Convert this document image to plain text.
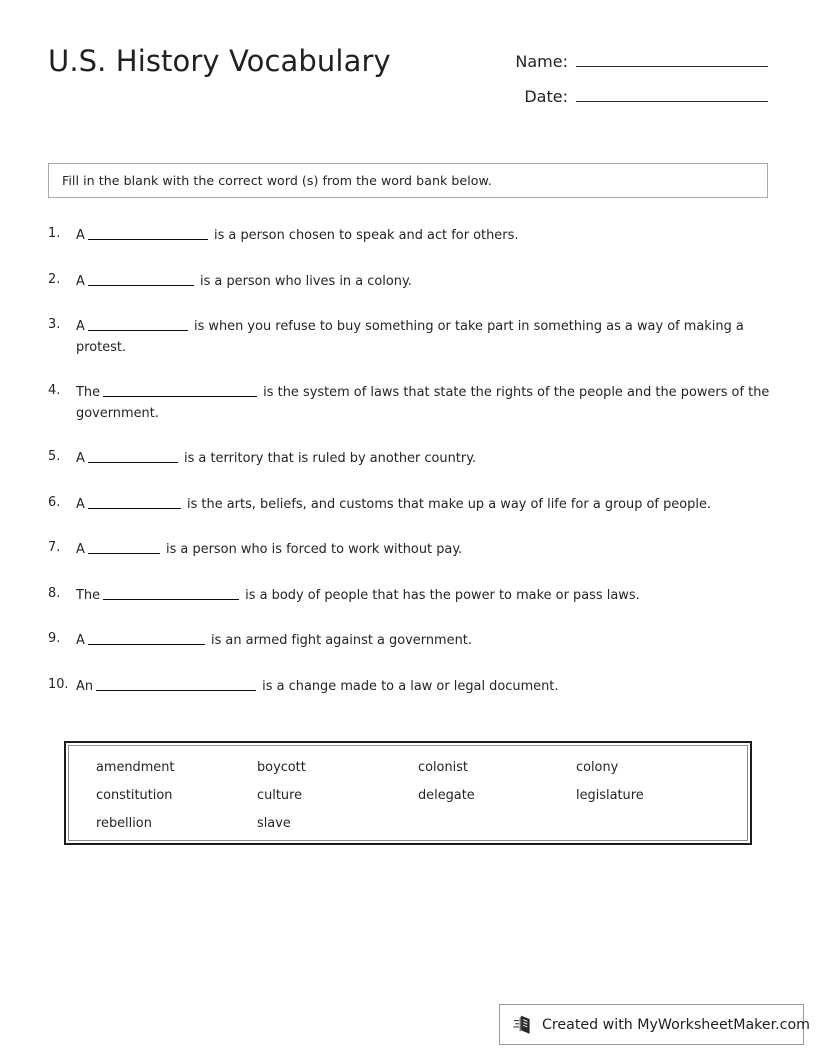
U.S. History Vocabulary	Name:
Date:
Fill in the blank with the correct word (s) from the word bank below.
1.	A	is a person chosen to speak and act for others.
2.	A	is a person who lives in a colony.
3.	A	is when you refuse to buy something or take part in something as a way of making a protest.
4.	The	is the system of laws that state the rights of the people and the powers of the government.
5.	A	is a territory that is ruled by another country.
6.	A	is the arts, beliefs, and customs that make up a way of life for a group of people.
7.	A	is a person who is forced to work without pay.
8.	The	is a body of people that has the power to make or pass laws.
9.	A	is an armed fight against a government.
10. An	is a change made to a law or legal document.
amendment	boycott	colonist	colony
constitution	culture	delegate	legislature
rebellion	slave
Created with MyWorksheetMaker.com
